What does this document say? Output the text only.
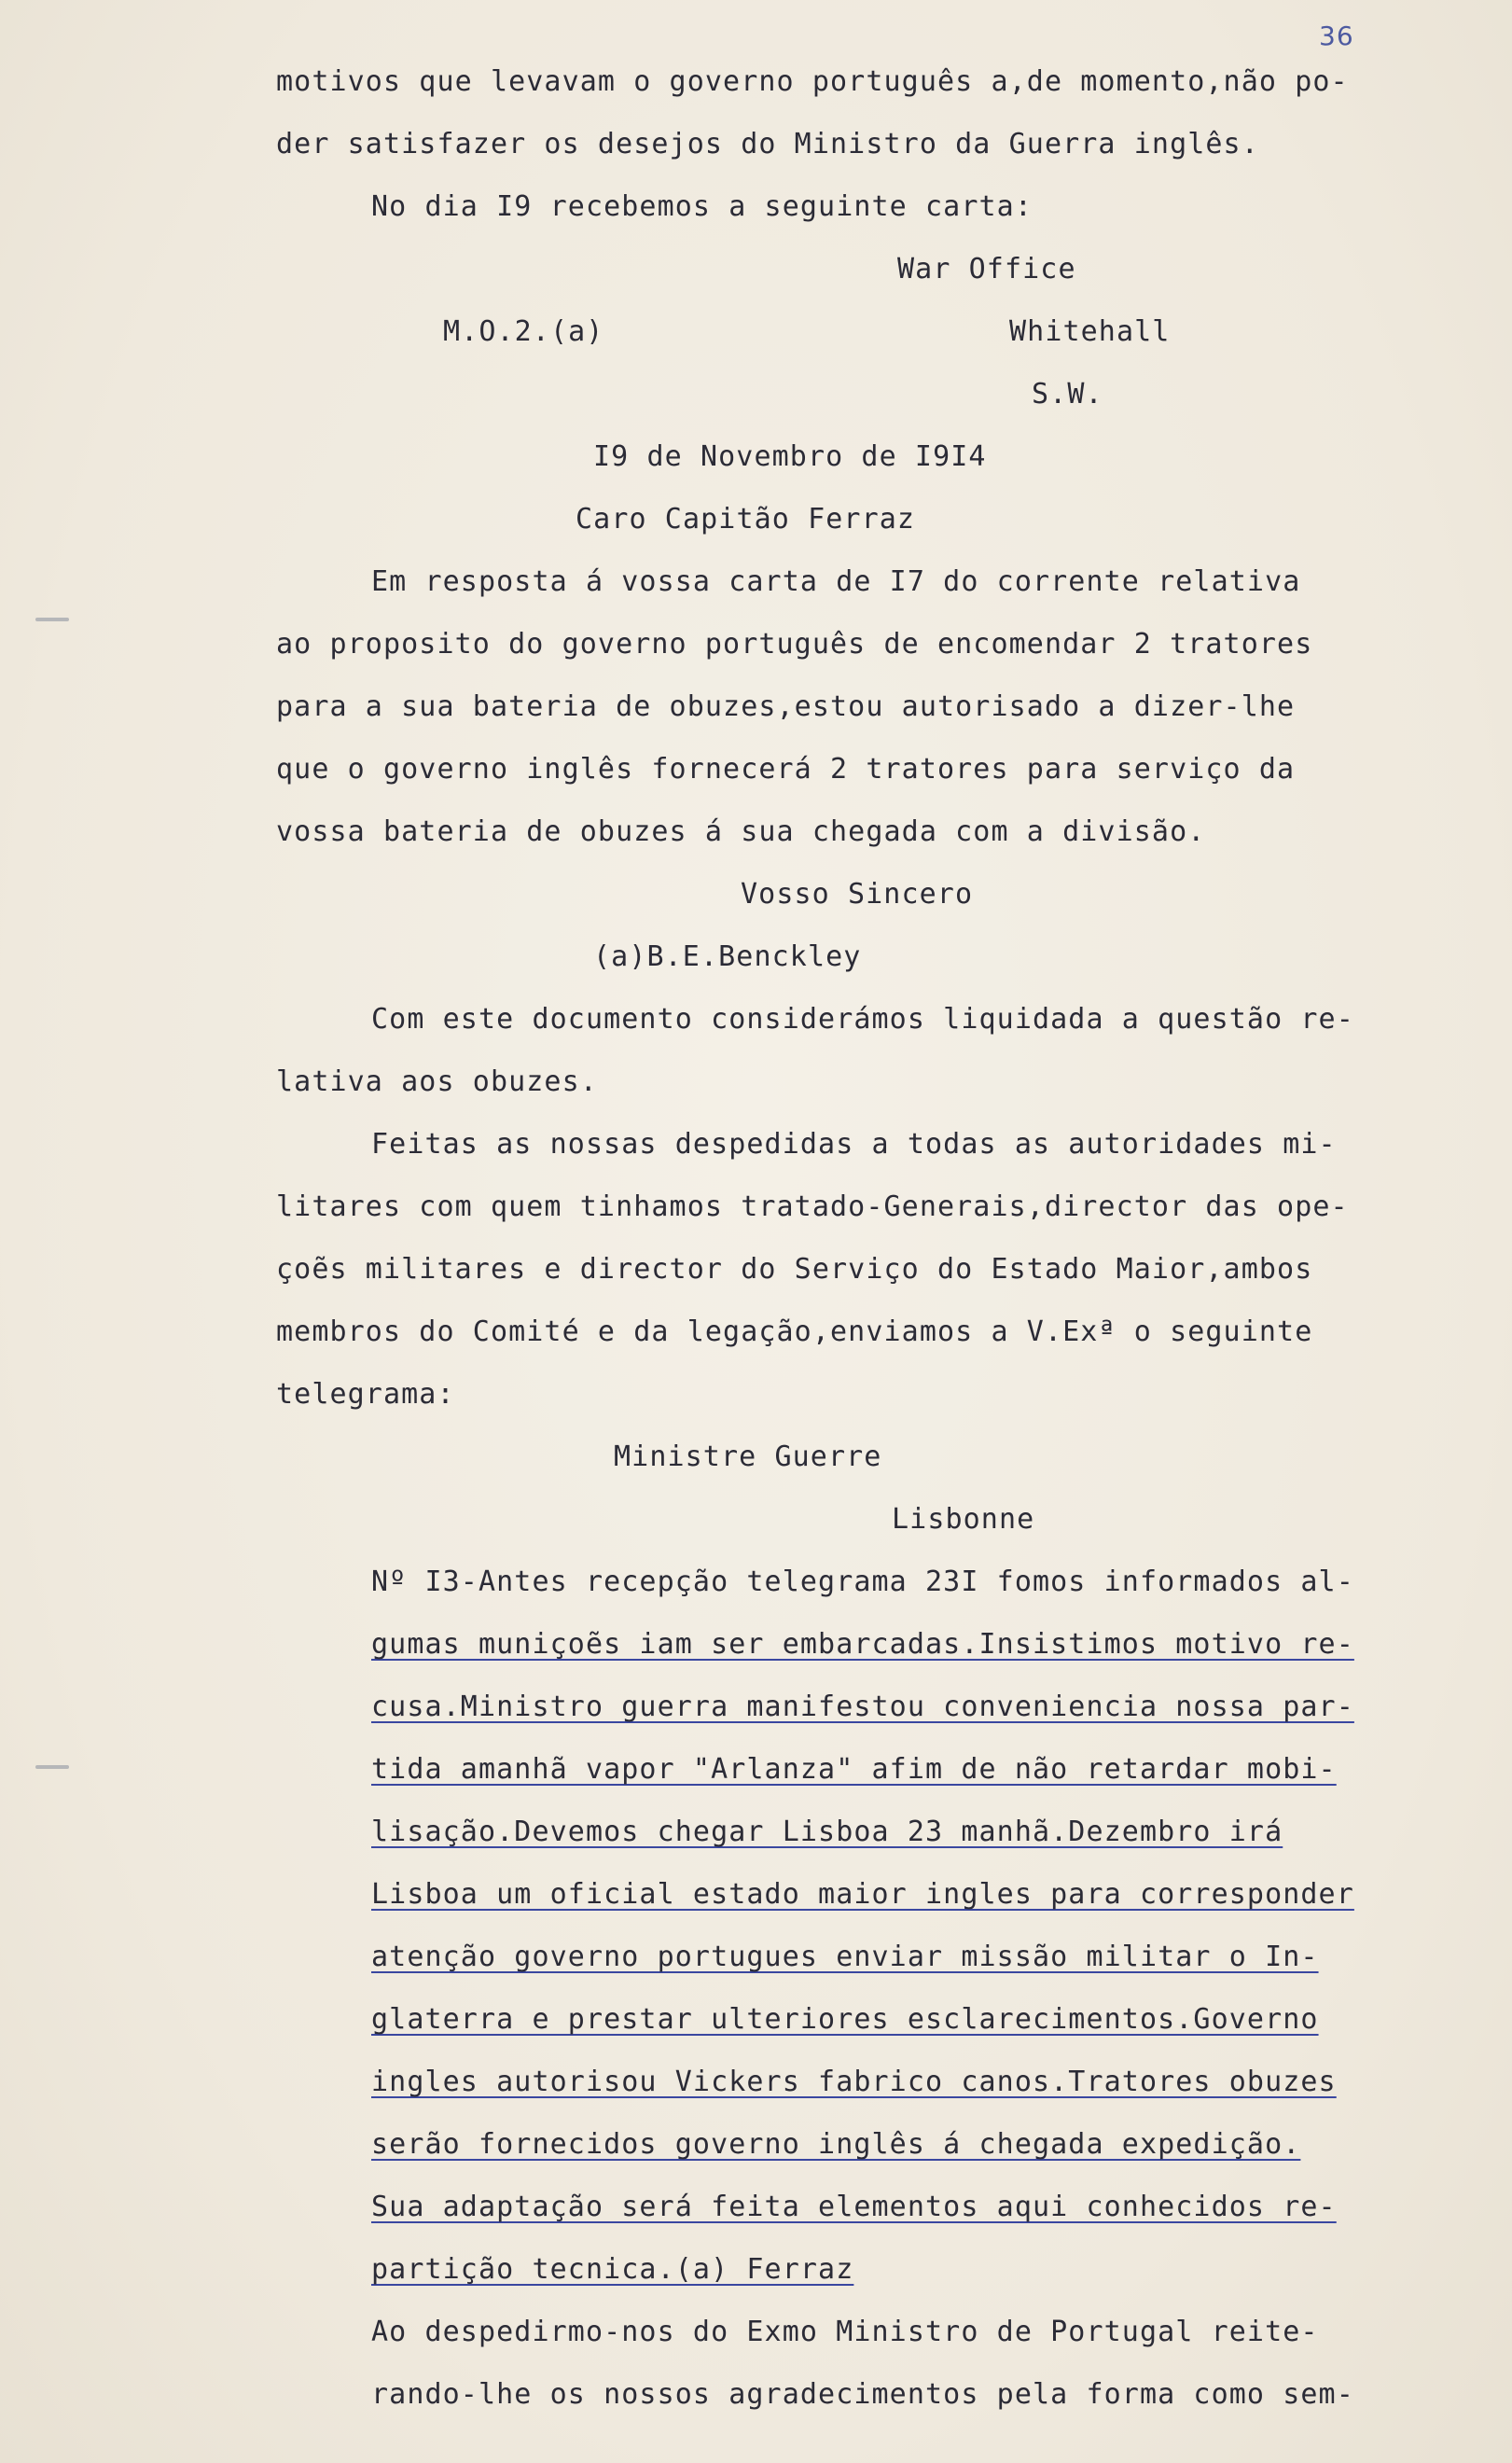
36
motivos que levavam o governo português a,de momento,não po-
der satisfazer os desejos do Ministro da Guerra inglês.
No dia I9 recebemos a seguinte carta:
War Office
M.O.2.(a)	Whitehall
S.W.
I9 de Novembro de I9I4
Caro Capitão Ferraz
Em resposta á vossa carta de I7 do corrente relativa
ao proposito do governo português de encomendar 2 tratores
para a sua bateria de obuzes,estou autorisado a dizer-lhe
que o governo inglês fornecerá 2 tratores para serviço da
vossa bateria de obuzes á sua chegada com a divisão.
Vosso Sincero
(a)B.E.Benckley
Com este documento considerámos liquidada a questão re-
lativa aos obuzes.
Feitas as nossas despedidas a todas as autoridades mi-
litares com quem tinhamos tratado-Generais,director das ope-
çoẽs militares e director do Serviço do Estado Maior,ambos
membros do Comité e da legação,enviamos a V.Exª o seguinte
telegrama:
Ministre Guerre
Lisbonne
Nº I3-Antes recepção telegrama 23I fomos informados al-
gumas muniçoẽs iam ser embarcadas.Insistimos motivo re-
cusa.Ministro guerra manifestou conveniencia nossa par-
tida amanhã vapor "Arlanza" afim de não retardar mobi-
lisação.Devemos chegar Lisboa 23 manhã.Dezembro irá
Lisboa um oficial estado maior ingles para corresponder
atenção governo portugues enviar missão militar o In-
glaterra e prestar ulteriores esclarecimentos.Governo
ingles autorisou Vickers fabrico canos.Tratores obuzes
serão fornecidos governo inglês á chegada expedição.
Sua adaptação será feita elementos aqui conhecidos re-
partição tecnica.(a) Ferraz
Ao despedirmo-nos do Exmo Ministro de Portugal reite-
rando-lhe os nossos agradecimentos pela forma como sem-
